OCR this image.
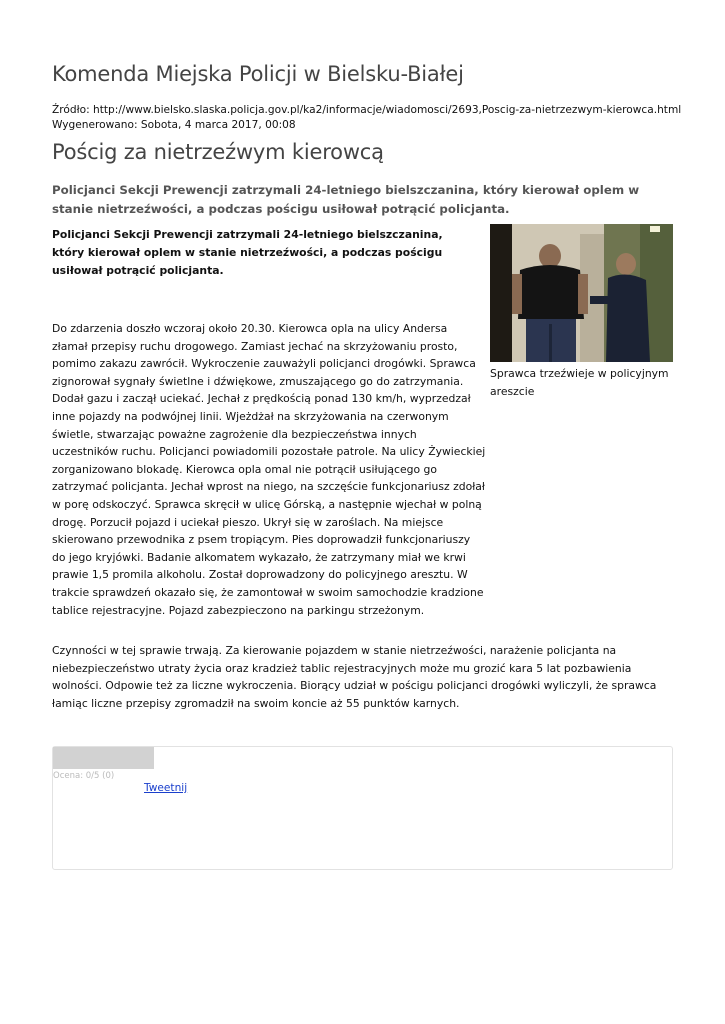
Komenda Miejska Policji w Bielsku-Białej
Źródło: http://www.bielsko.slaska.policja.gov.pl/ka2/informacje/wiadomosci/2693,Poscig-za-nietrzezwym-kierowca.html
Wygenerowano: Sobota, 4 marca 2017, 00:08
Pościg za nietrzeźwym kierowcą
Policjanci Sekcji Prewencji zatrzymali 24-letniego bielszczanina, który kierował oplem w stanie nietrzeźwości, a podczas pościgu usiłował potrącić policjanta.
Policjanci Sekcji Prewencji zatrzymali 24-letniego bielszczanina, który kierował oplem w stanie nietrzeźwości, a podczas pościgu usiłował potrącić policjanta.
Sprawca trzeźwieje w policyjnym areszcie
Do zdarzenia doszło wczoraj około 20.30. Kierowca opla na ulicy Andersa złamał przepisy ruchu drogowego. Zamiast jechać na skrzyżowaniu prosto, pomimo zakazu zawrócił. Wykroczenie zauważyli policjanci drogówki. Sprawca zignorował sygnały świetlne i dźwiękowe, zmuszającego go do zatrzymania. Dodał gazu i zaczął uciekać. Jechał z prędkością ponad 130 km/h, wyprzedzał inne pojazdy na podwójnej linii. Wjeżdżał na skrzyżowania na czerwonym świetle, stwarzając poważne zagrożenie dla bezpieczeństwa innych uczestników ruchu. Policjanci powiadomili pozostałe patrole. Na ulicy Żywieckiej zorganizowano blokadę. Kierowca opla omal nie potrącił usiłującego go zatrzymać policjanta. Jechał wprost na niego, na szczęście funkcjonariusz zdołał w porę odskoczyć. Sprawca skręcił w ulicę Górską, a następnie wjechał w polną drogę. Porzucił pojazd i uciekał pieszo. Ukrył się w zaroślach. Na miejsce skierowano przewodnika z psem tropiącym. Pies doprowadził funkcjonariuszy do jego kryjówki. Badanie alkomatem wykazało, że zatrzymany miał we krwi prawie 1,5 promila alkoholu. Został doprowadzony do policyjnego aresztu. W trakcie sprawdzeń okazało się, że zamontował w swoim samochodzie kradzione tablice rejestracyjne. Pojazd zabezpieczono na parkingu strzeżonym.
Czynności w tej sprawie trwają. Za kierowanie pojazdem w stanie nietrzeźwości, narażenie policjanta na niebezpieczeństwo utraty życia oraz kradzież tablic rejestracyjnych może mu grozić kara 5 lat pozbawienia wolności. Odpowie też za liczne wykroczenia. Biorący udział w pościgu policjanci drogówki wyliczyli, że sprawca łamiąc liczne przepisy zgromadził na swoim koncie aż 55 punktów karnych.
Ocena: 0/5 (0)
Tweetnij
